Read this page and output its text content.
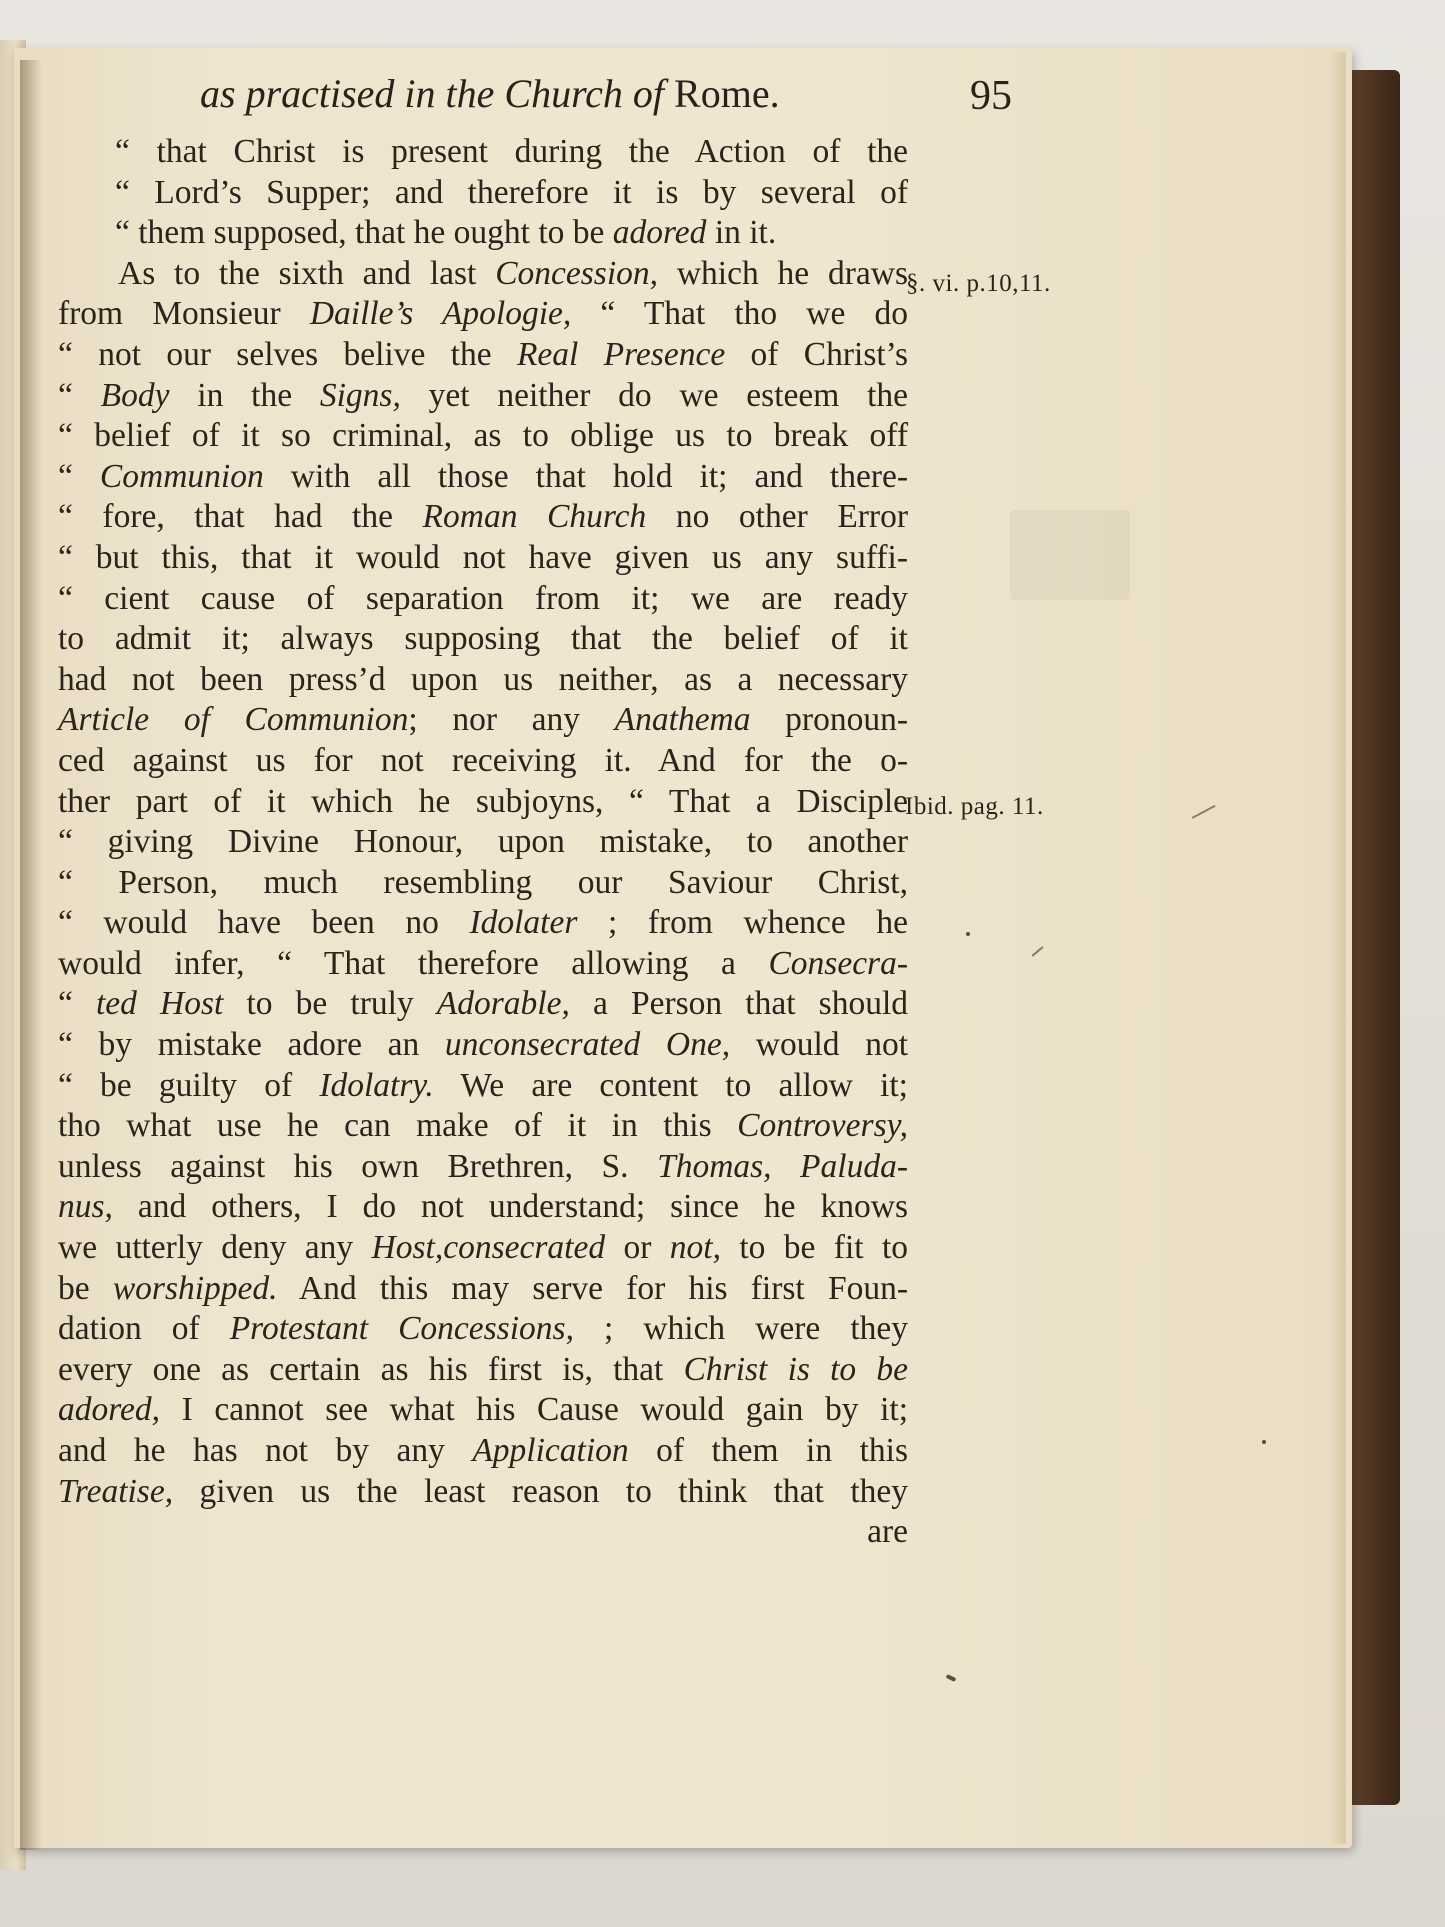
as practised in the Church of Rome.	95
“ that Christ is present during the Action of the
“ Lord’s Supper; and therefore it is by several of
“ them supposed, that he ought to be adored in it.
As to the sixth and last Concession, which he draws
from Monsieur Daille’s Apologie, “ That tho we do
“ not our selves belive the Real Presence of Christ’s
“ Body in the Signs, yet neither do we esteem the
“ belief of it so criminal, as to oblige us to break off
“ Communion with all those that hold it; and there-
“ fore, that had the Roman Church no other Error
“ but this, that it would not have given us any suffi-
“ cient cause of separation from it; we are ready
to admit it; always supposing that the belief of it
had not been press’d upon us neither, as a necessary
Article of Communion; nor any Anathema pronoun-
ced against us for not receiving it. And for the o-
ther part of it which he subjoyns, “ That a Disciple
“ giving Divine Honour, upon mistake, to another
“ Person, much resembling our Saviour Christ,
“ would have been no Idolater ; from whence he
would infer, “ That therefore allowing a Consecra-
“ ted Host to be truly Adorable, a Person that should
“ by mistake adore an unconsecrated One, would not
“ be guilty of Idolatry. We are content to allow it;
tho what use he can make of it in this Controversy,
unless against his own Brethren, S. Thomas, Paluda-
nus, and others, I do not understand; since he knows
we utterly deny any Host,consecrated or not, to be fit to
be worshipped. And this may serve for his first Foun-
dation of Protestant Concessions, ; which were they
every one as certain as his first is, that Christ is to be
adored, I cannot see what his Cause would gain by it;
and he has not by any Application of them in this
Treatise, given us the least reason to think that they
are
§. vi. p.10,11.
Ibid. pag. 11.
